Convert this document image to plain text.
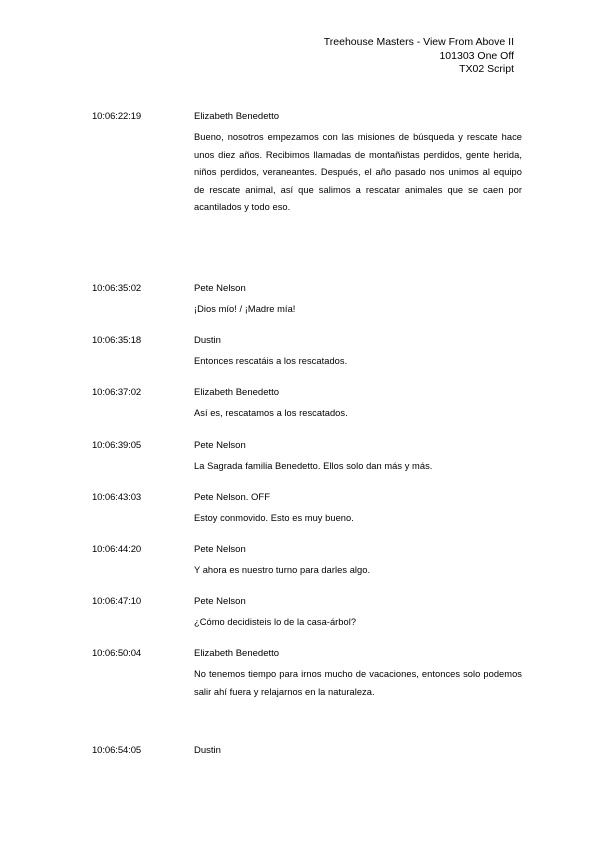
Treehouse Masters - View From Above II
101303 One Off
TX02 Script
10:06:22:19	Elizabeth Benedetto
Bueno, nosotros empezamos con las misiones de búsqueda y rescate hace unos diez años. Recibimos llamadas de montañistas perdidos, gente herida, niños perdidos, veraneantes. Después, el año pasado nos unimos al equipo de rescate animal, así que salimos a rescatar animales que se caen por acantilados y todo eso.
10:06:35:02	Pete Nelson
¡Dios mío! / ¡Madre mía!
10:06:35:18	Dustin
Entonces rescatáis a los rescatados.
10:06:37:02	Elizabeth Benedetto
Así es, rescatamos a los rescatados.
10:06:39:05	Pete Nelson
La Sagrada familia Benedetto. Ellos solo dan más y más.
10:06:43:03	Pete Nelson. OFF
Estoy conmovido. Esto es muy bueno.
10:06:44:20	Pete Nelson
Y ahora es nuestro turno para darles algo.
10:06:47:10	Pete Nelson
¿Cómo decidisteis lo de la casa-árbol?
10:06:50:04	Elizabeth Benedetto
No tenemos tiempo para irnos mucho de vacaciones, entonces solo podemos salir ahí fuera y relajarnos en la naturaleza.
10:06:54:05	Dustin
